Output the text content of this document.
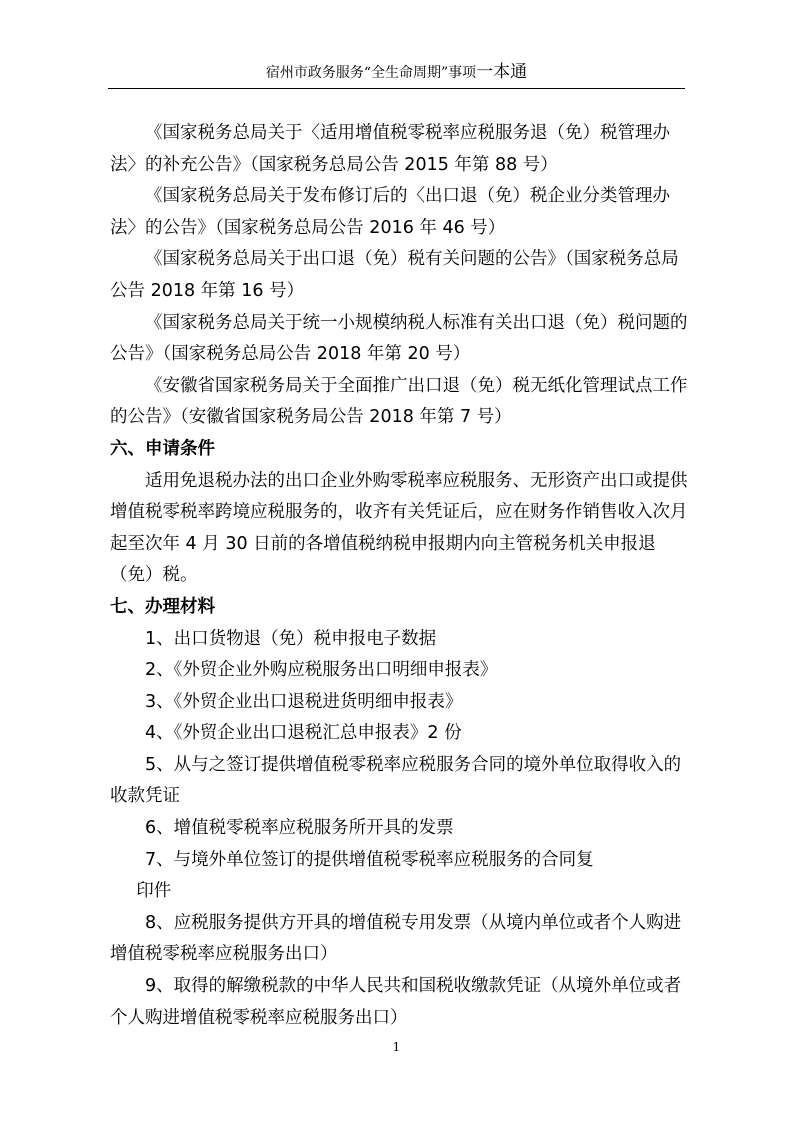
宿州市政务服务“全生命周期”事项一本通

《国家税务总局关于〈适用增值税零税率应税服务退（免）税管理办法〉的补充公告》（国家税务总局公告 2015 年第 88 号）

《国家税务总局关于发布修订后的〈出口退（免）税企业分类管理办法〉的公告》（国家税务总局公告 2016 年 46 号）

《国家税务总局关于出口退（免）税有关问题的公告》（国家税务总局公告 2018 年第 16 号）

《国家税务总局关于统一小规模纳税人标准有关出口退（免）税问题的公告》（国家税务总局公告 2018 年第 20 号）

《安徽省国家税务局关于全面推广出口退（免）税无纸化管理试点工作的公告》（安徽省国家税务局公告 2018 年第 7 号）

六、申请条件

适用免退税办法的出口企业外购零税率应税服务、无形资产出口或提供增值税零税率跨境应税服务的，收齐有关凭证后，应在财务作销售收入次月起至次年 4 月 30 日前的各增值税纳税申报期内向主管税务机关申报退（免）税。

七、办理材料

1、出口货物退（免）税申报电子数据

2、《外贸企业外购应税服务出口明细申报表》

3、《外贸企业出口退税进货明细申报表》

4、《外贸企业出口退税汇总申报表》2 份

5、从与之签订提供增值税零税率应税服务合同的境外单位取得收入的收款凭证

6、增值税零税率应税服务所开具的发票

7、与境外单位签订的提供增值税零税率应税服务的合同复
印件

8、应税服务提供方开具的增值税专用发票（从境内单位或者个人购进增值税零税率应税服务出口）

9、取得的解缴税款的中华人民共和国税收缴款凭证（从境外单位或者个人购进增值税零税率应税服务出口）

1
